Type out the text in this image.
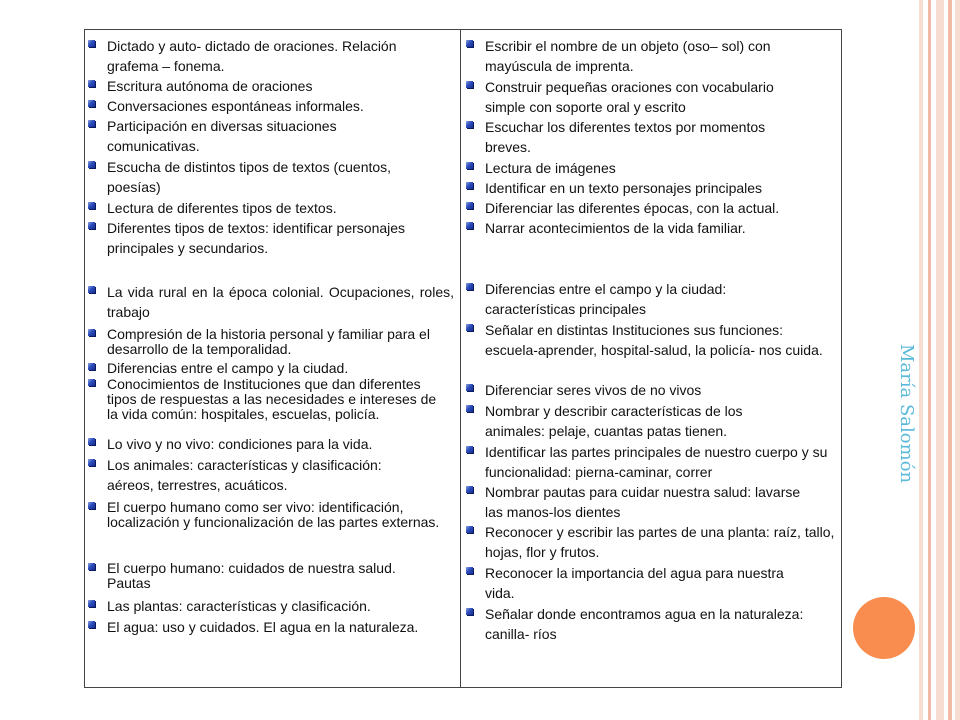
Dictado y auto- dictado de oraciones. Relación grafema – fonema.
Escritura autónoma de oraciones
Conversaciones espontáneas informales.
Participación en diversas situaciones comunicativas.
Escucha de distintos tipos de textos (cuentos, poesías)
Lectura de diferentes tipos de textos.
Diferentes tipos de textos: identificar personajes principales y secundarios.
La vida rural en la época colonial. Ocupaciones, roles, trabajo
Compresión de la historia personal y familiar para el desarrollo de la temporalidad.
Diferencias entre el campo y la ciudad.
Conocimientos de Instituciones que dan diferentes tipos de respuestas a las necesidades e intereses de la vida común: hospitales, escuelas, policía.
Lo vivo y no vivo: condiciones para la vida.
Los animales: características y clasificación: aéreos, terrestres, acuáticos.
El cuerpo humano como ser vivo: identificación, localización y funcionalización de las partes externas.
El cuerpo humano: cuidados de nuestra salud. Pautas
Las plantas: características y clasificación.
El agua: uso y cuidados. El agua en la naturaleza.
Escribir el nombre de un objeto (oso– sol) con mayúscula de imprenta.
Construir pequeñas oraciones con vocabulario simple con soporte oral y escrito
Escuchar los diferentes textos por momentos breves.
Lectura de imágenes
Identificar en un texto personajes principales
Diferenciar las diferentes épocas, con la actual.
Narrar acontecimientos de la vida familiar.
Diferencias entre el campo y la ciudad: características principales
Señalar en distintas Instituciones sus funciones: escuela-aprender, hospital-salud, la policía- nos cuida.
Diferenciar seres vivos de no vivos
Nombrar y describir características de los animales: pelaje, cuantas patas tienen.
Identificar las partes principales de nuestro cuerpo y su funcionalidad: pierna-caminar, correr
Nombrar pautas para cuidar nuestra salud: lavarse las manos-los dientes
Reconocer y escribir las partes de una planta: raíz, tallo, hojas, flor y frutos.
Reconocer la importancia del agua para nuestra vida.
Señalar donde encontramos agua en la naturaleza: canilla- ríos
María Salomón
